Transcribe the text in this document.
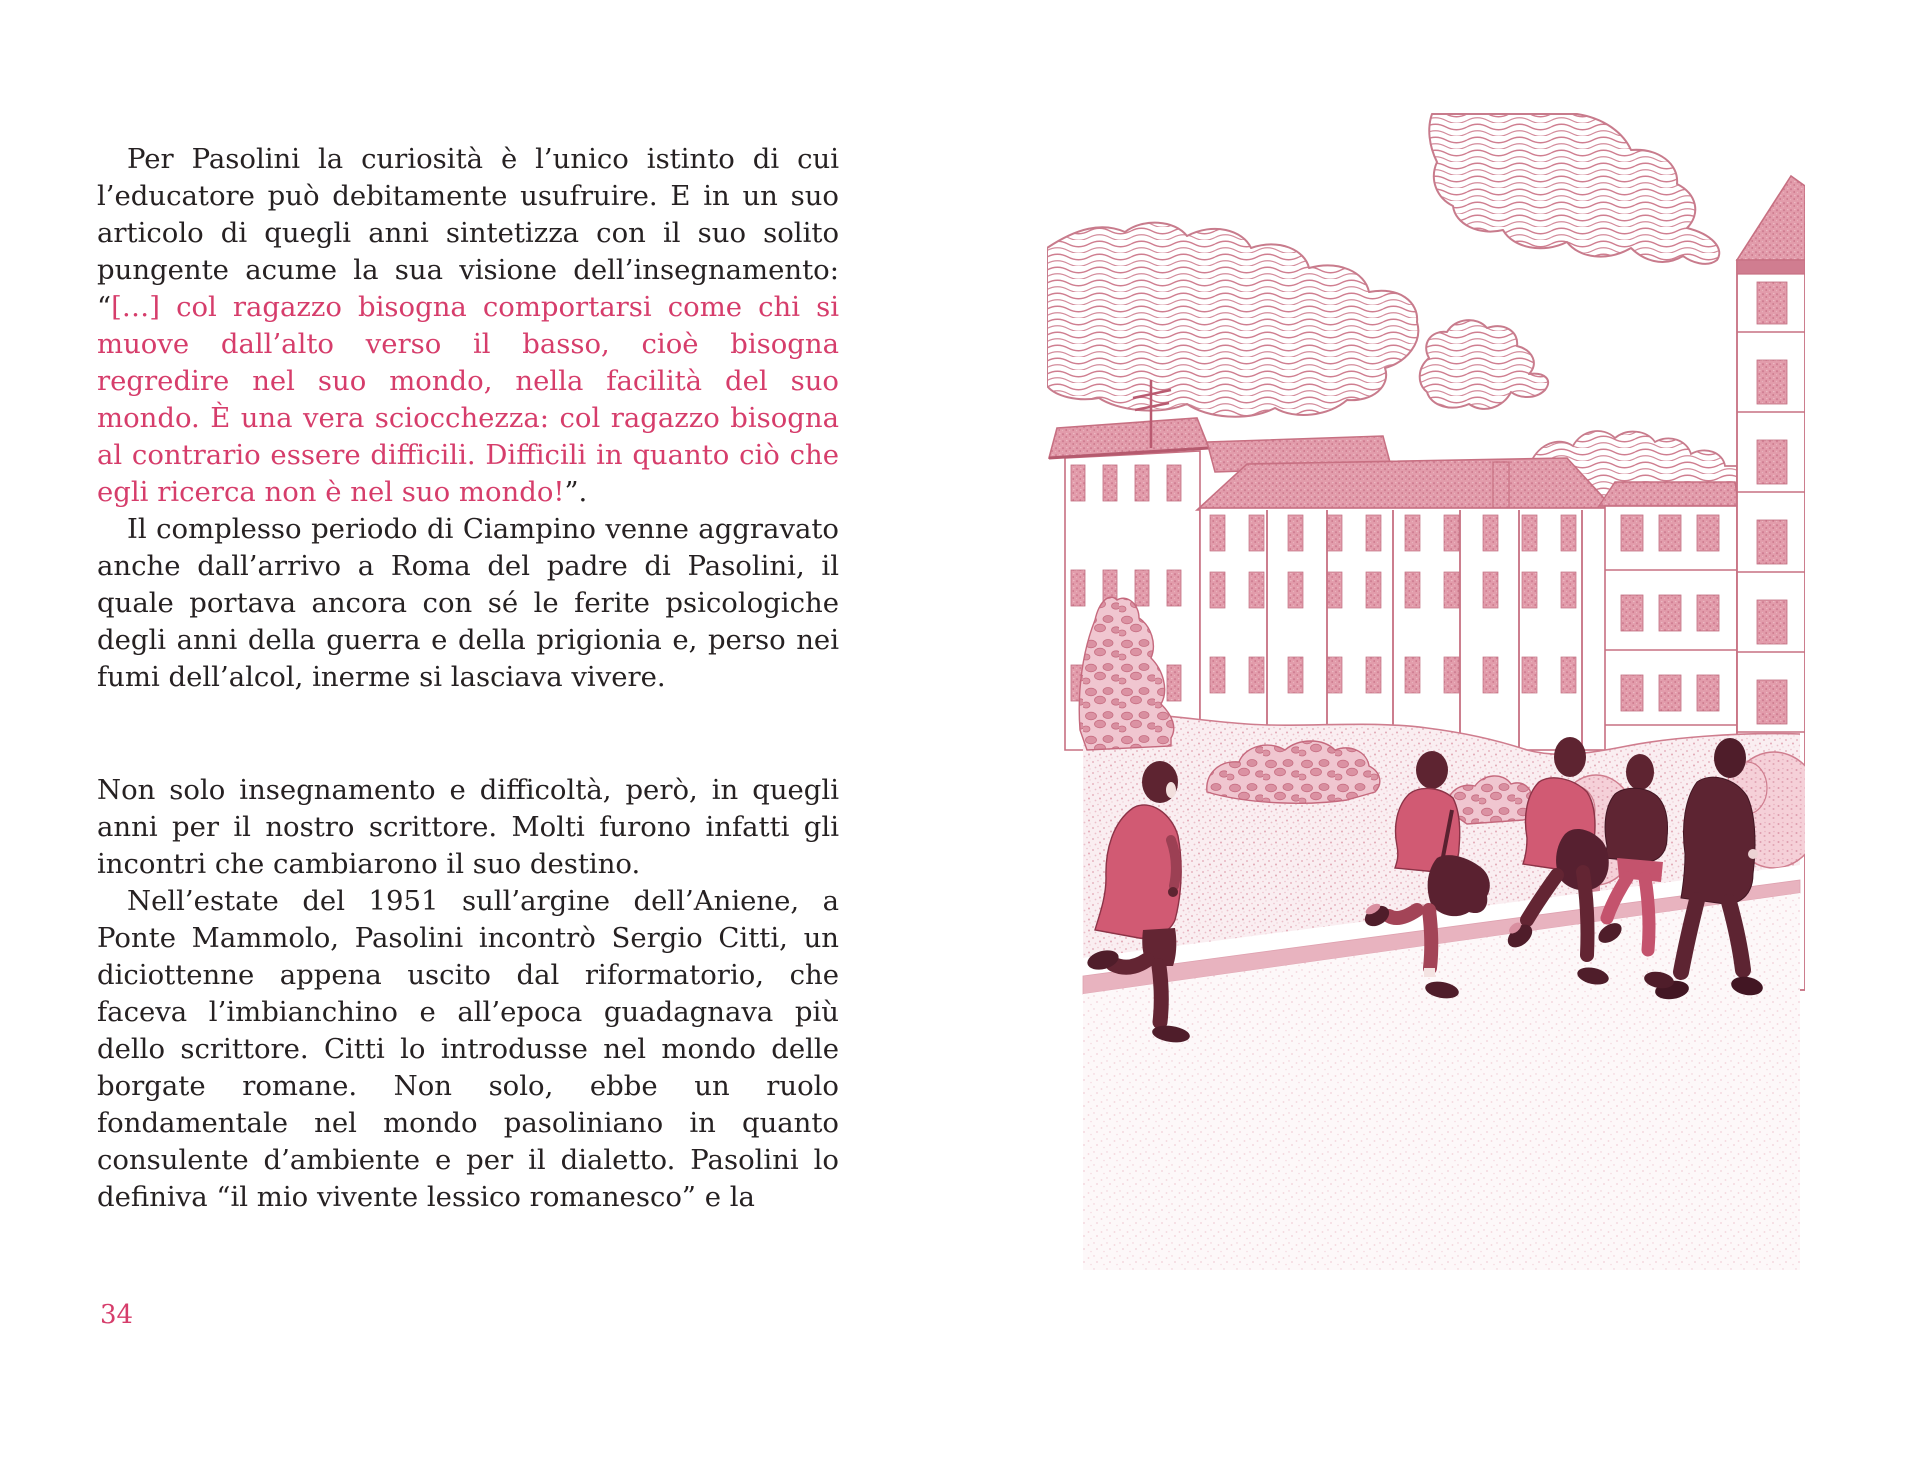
Per Pasolini la curiosità è l’unico istinto di cui l’educatore può debitamente usufruire. E in un suo articolo di quegli anni sintetizza con il suo solito pungente acume la sua visione dell’insegnamento: “[…] col ragazzo bisogna comportarsi come chi si muove dall’alto verso il basso, cioè bisogna regredire nel suo mondo, nella facilità del suo mondo. È una vera sciocchezza: col ragazzo bisogna al contrario essere difficili. Difficili in quanto ciò che egli ricerca non è nel suo mondo!”.

Il complesso periodo di Ciampino venne aggravato anche dall’arrivo a Roma del padre di Pasolini, il quale portava ancora con sé le ferite psicologiche degli anni della guerra e della prigionia e, perso nei fumi dell’alcol, inerme si lasciava vivere.

Non solo insegnamento e difficoltà, però, in quegli anni per il nostro scrittore. Molti furono infatti gli incontri che cambiarono il suo destino.

Nell’estate del 1951 sull’argine dell’Aniene, a Ponte Mammolo, Pasolini incontrò Sergio Citti, un diciottenne appena uscito dal riformatorio, che faceva l’imbianchino e all’epoca guadagnava più dello scrittore. Citti lo introdusse nel mondo delle borgate romane. Non solo, ebbe un ruolo fondamentale nel mondo pasoliniano in quanto consulente d’ambiente e per il dialetto. Pasolini lo definiva “il mio vivente lessico romanesco” e la

34
